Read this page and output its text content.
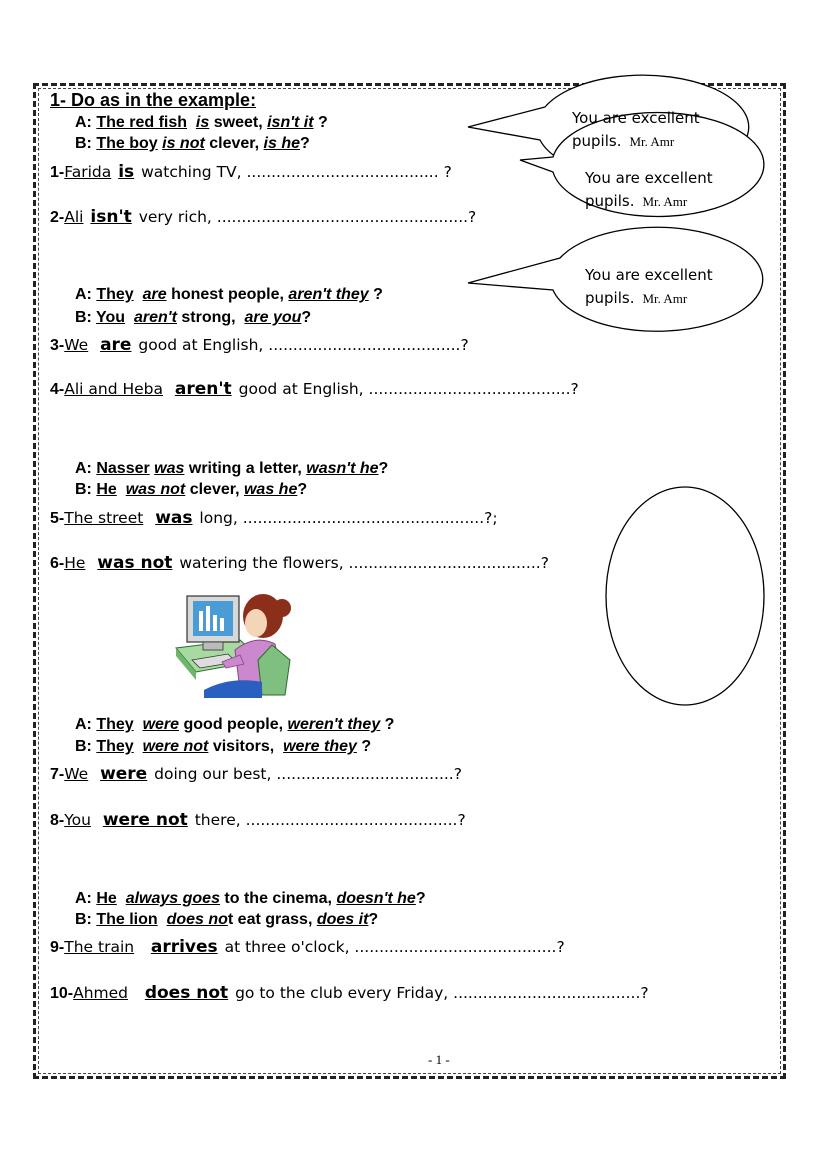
You are excellent
pupils. Mr. Amr
You are excellent
pupils. Mr. Amr
You are excellent
pupils. Mr. Amr
1- Do as in the example:
A: The red fish is sweet, isn't it ?
B: The boy is not clever, is he?
1-Farida is watching TV, ....................................... ?
2-Ali isn't very rich, ...................................................?
A: They are honest people, aren't they ?
B: You aren't strong, are you?
3-We are good at English, .......................................?
4-Ali and Heba aren't good at English, .........................................?
A: Nasser was writing a letter, wasn't he?
B: He was not clever, was he?
5-The street was long, .................................................?;
6-He was not watering the flowers, .......................................?
A: They were good people, weren't they ?
B: They were not visitors, were they ?
7-We were doing our best, ....................................?
8-You were not there, ...........................................?
A: He always goes to the cinema, doesn't he?
B: The lion does not eat grass, does it?
9-The train arrives at three o'clock, .........................................?
10-Ahmed does not go to the club every Friday, ......................................?
- 1 -
